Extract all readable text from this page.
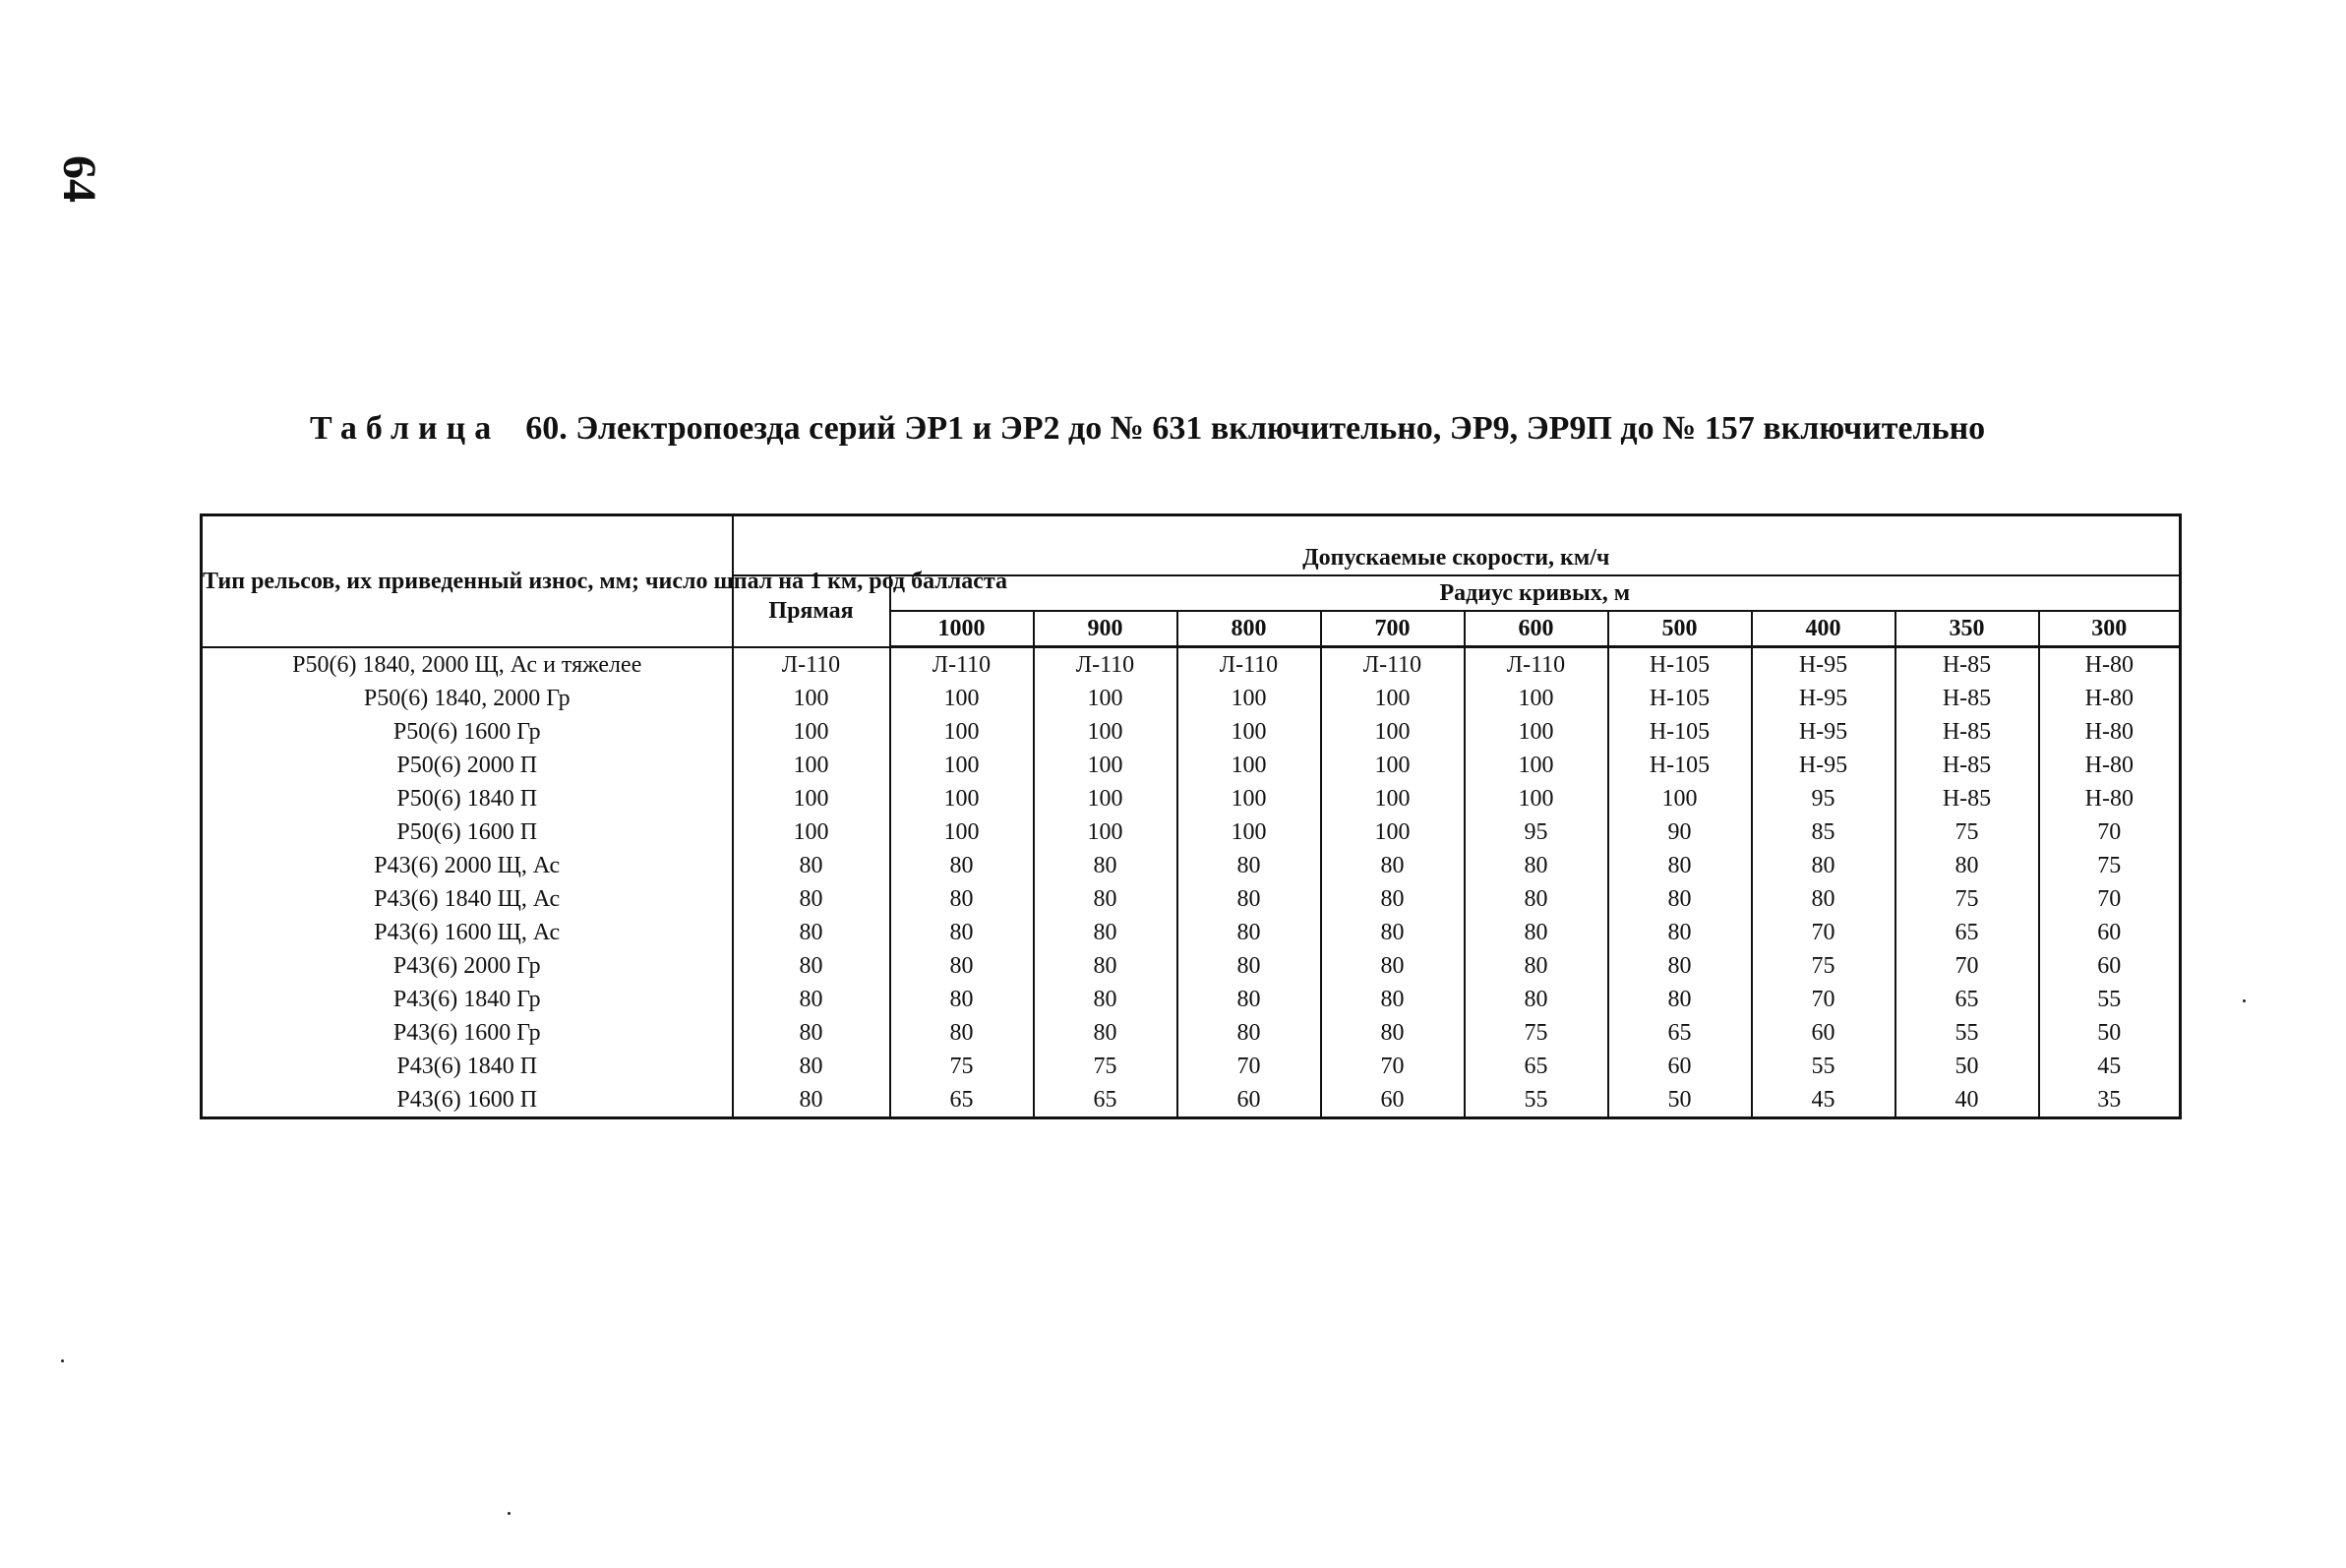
64
Таблица 60. Электропоезда серий ЭР1 и ЭР2 до № 631 включительно, ЭР9, ЭР9П до № 157 включительно
Тип рельсов, их приведенный износ, мм; число шпал на 1 км, род балласта	Допускаемые скорости, км/ч									
	Прямая	Радиус кривых, м								
		1000	900	800	700	600	500	400	350	300
Р50(6) 1840, 2000 Щ, Ас и тяжелее	Л-110	Л-110	Л-110	Л-110	Л-110	Л-110	Н-105	Н-95	Н-85	Н-80
Р50(6) 1840, 2000 Гр	100	100	100	100	100	100	Н-105	Н-95	Н-85	Н-80
Р50(6) 1600 Гр	100	100	100	100	100	100	Н-105	Н-95	Н-85	Н-80
Р50(6) 2000 П	100	100	100	100	100	100	Н-105	Н-95	Н-85	Н-80
Р50(6) 1840 П	100	100	100	100	100	100	100	95	Н-85	Н-80
Р50(6) 1600 П	100	100	100	100	100	95	90	85	75	70
Р43(6) 2000 Щ, Ас	80	80	80	80	80	80	80	80	80	75
Р43(6) 1840 Щ, Ас	80	80	80	80	80	80	80	80	75	70
Р43(6) 1600 Щ, Ас	80	80	80	80	80	80	80	70	65	60
Р43(6) 2000 Гр	80	80	80	80	80	80	80	75	70	60
Р43(6) 1840 Гр	80	80	80	80	80	80	80	70	65	55
Р43(6) 1600 Гр	80	80	80	80	80	75	65	60	55	50
Р43(6) 1840 П	80	75	75	70	70	65	60	55	50	45
Р43(6) 1600 П	80	65	65	60	60	55	50	45	40	35
